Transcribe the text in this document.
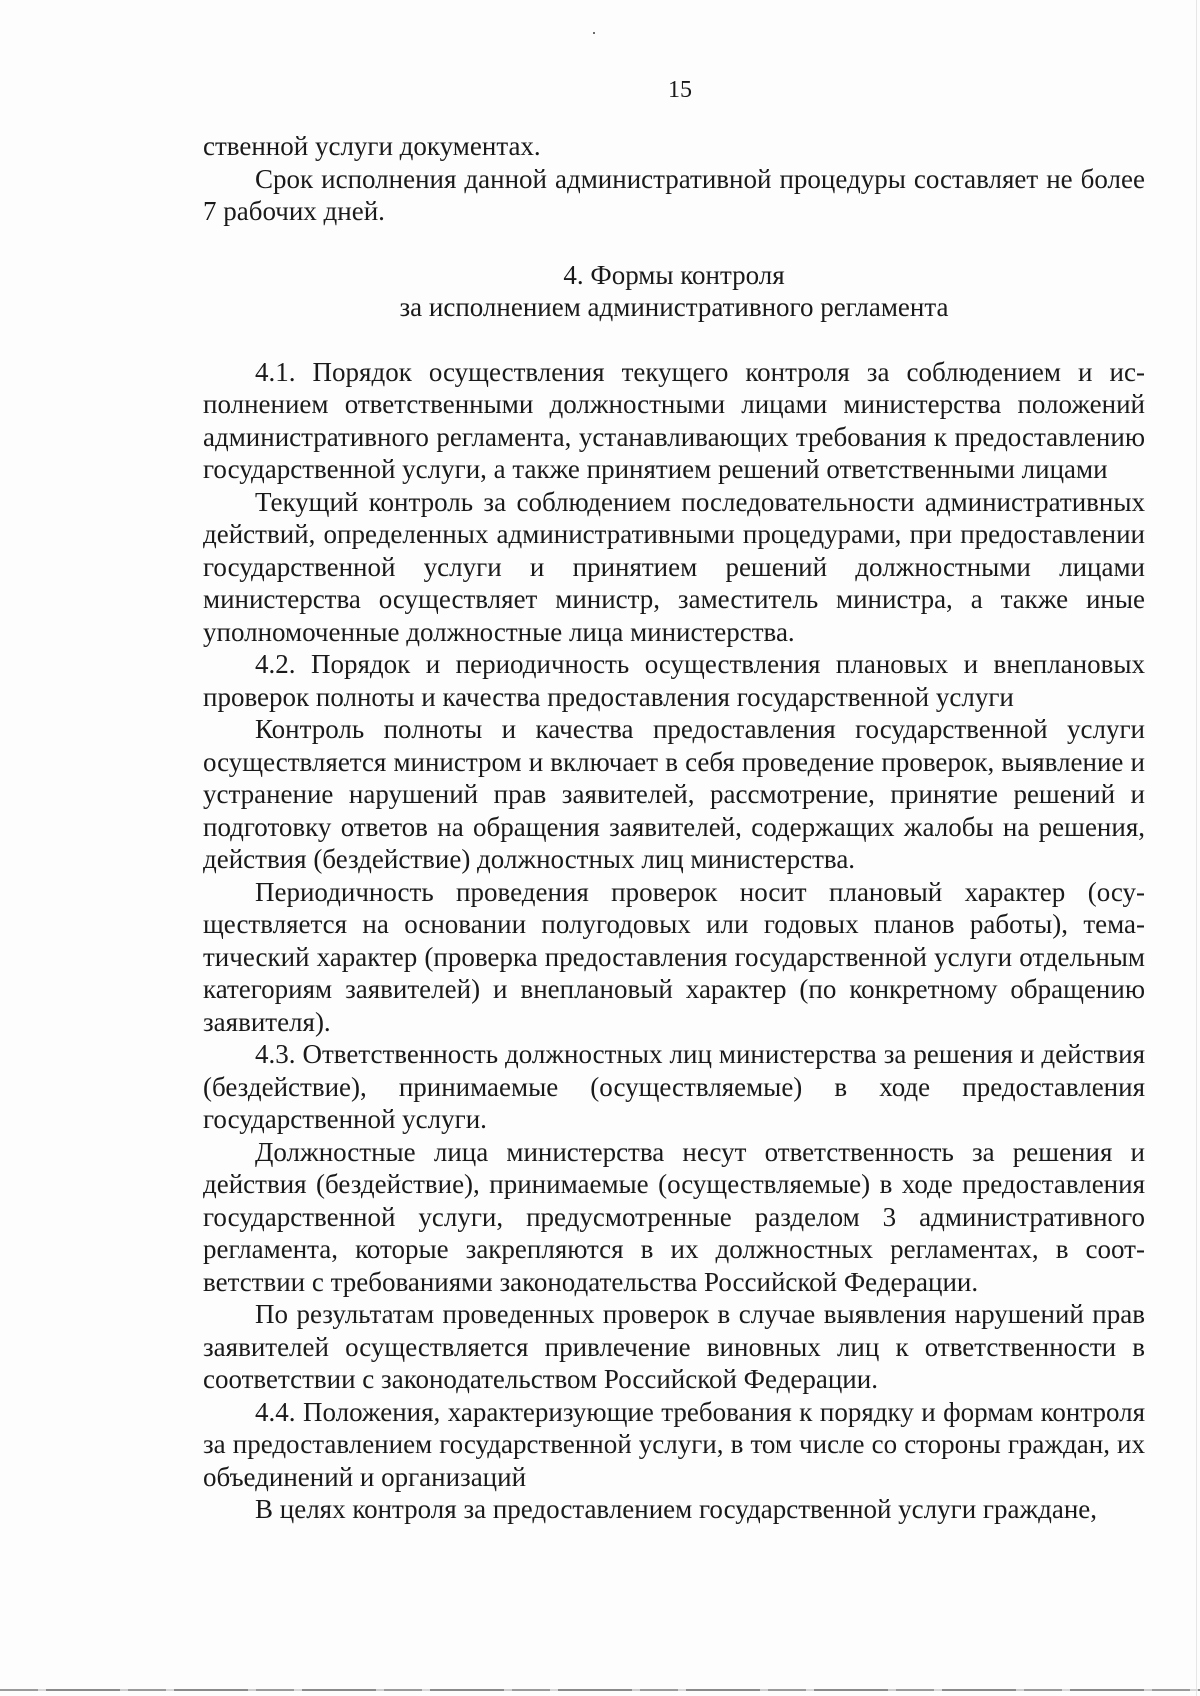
15

ственной услуги документах.

Срок исполнения данной административной процедуры составляет не более 7 рабочих дней.

4. Формы контроля
за исполнением административного регламента

4.1. Порядок осуществления текущего контроля за соблюдением и исполнением ответственными должностными лицами министерства положений административного регламента, устанавливающих требования к предоставлению государственной услуги, а также принятием решений ответственными лицами

Текущий контроль за соблюдением последовательности административных действий, определенных административными процедурами, при предоставлении государственной услуги и принятием решений должностными лицами министерства осуществляет министр, заместитель министра, а также иные уполномоченные должностные лица министерства.

4.2. Порядок и периодичность осуществления плановых и внеплановых проверок полноты и качества предоставления государственной услуги

Контроль полноты и качества предоставления государственной услуги осуществляется министром и включает в себя проведение проверок, выявление и устранение нарушений прав заявителей, рассмотрение, принятие решений и подготовку ответов на обращения заявителей, содержащих жалобы на решения, действия (бездействие) должностных лиц министерства.

Периодичность проведения проверок носит плановый характер (осуществляется на основании полугодовых или годовых планов работы), тематический характер (проверка предоставления государственной услуги отдельным категориям заявителей) и внеплановый характер (по конкретному обращению заявителя).

4.3. Ответственность должностных лиц министерства за решения и действия (бездействие), принимаемые (осуществляемые) в ходе предоставления государственной услуги.

Должностные лица министерства несут ответственность за решения и действия (бездействие), принимаемые (осуществляемые) в ходе предоставления государственной услуги, предусмотренные разделом 3 административного регламента, которые закрепляются в их должностных регламентах, в соответствии с требованиями законодательства Российской Федерации.

По результатам проведенных проверок в случае выявления нарушений прав заявителей осуществляется привлечение виновных лиц к ответственности в соответствии с законодательством Российской Федерации.

4.4. Положения, характеризующие требования к порядку и формам контроля за предоставлением государственной услуги, в том числе со стороны граждан, их объединений и организаций

В целях контроля за предоставлением государственной услуги граждане,
